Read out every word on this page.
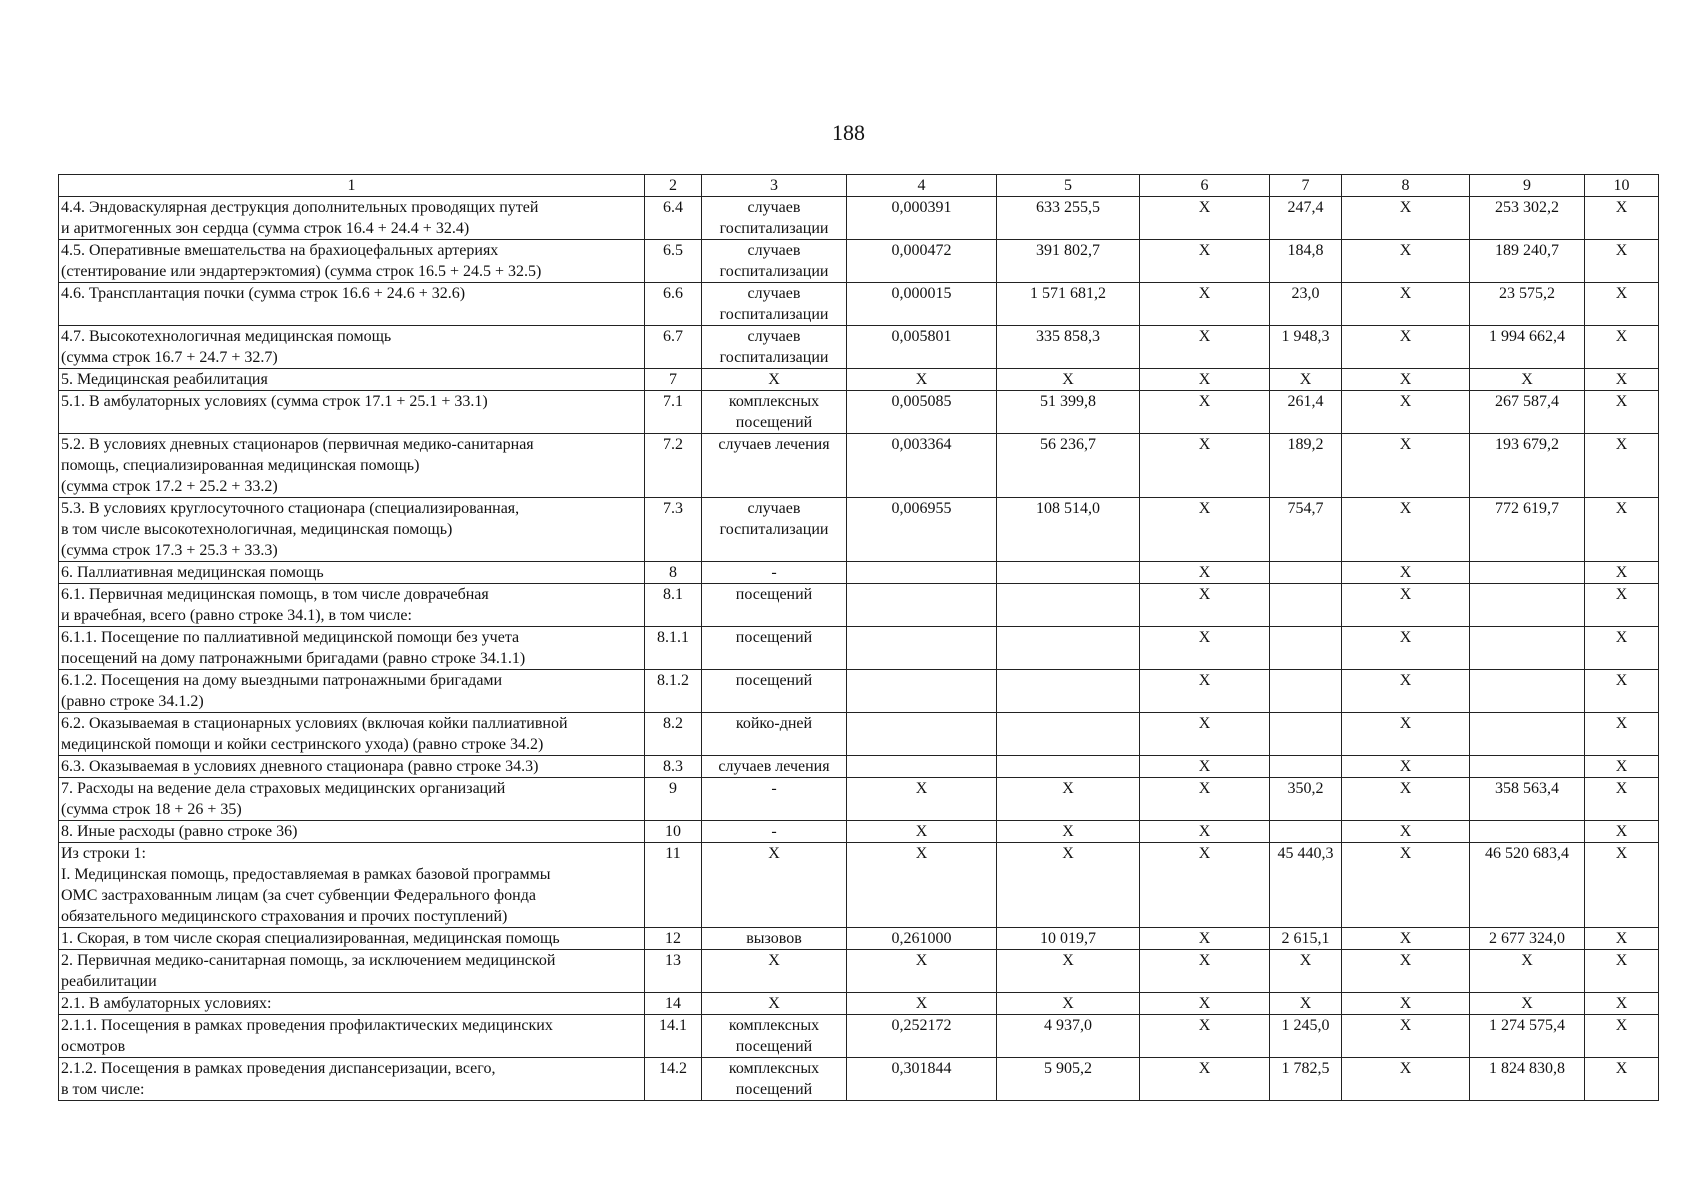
188
1	2	3	4	5	6	7	8	9	10
4.4. Эндоваскулярная деструкция дополнительных проводящих путей
и аритмогенных зон сердца (сумма строк 16.4 + 24.4 + 32.4)	6.4	случаев
госпитализации	0,000391	633 255,5	X	247,4	X	253 302,2	X
4.5. Оперативные вмешательства на брахиоцефальных артериях
(стентирование или эндартерэктомия) (сумма строк 16.5 + 24.5 + 32.5)	6.5	случаев
госпитализации	0,000472	391 802,7	X	184,8	X	189 240,7	X
4.6. Трансплантация почки (сумма строк 16.6 + 24.6 + 32.6)	6.6	случаев
госпитализации	0,000015	1 571 681,2	X	23,0	X	23 575,2	X
4.7. Высокотехнологичная медицинская помощь
(сумма строк 16.7 + 24.7 + 32.7)	6.7	случаев
госпитализации	0,005801	335 858,3	X	1 948,3	X	1 994 662,4	X
5. Медицинская реабилитация	7	X	X	X	X	X	X	X	X
5.1. В амбулаторных условиях (сумма строк 17.1 + 25.1 + 33.1)	7.1	комплексных
посещений	0,005085	51 399,8	X	261,4	X	267 587,4	X
5.2. В условиях дневных стационаров (первичная медико-санитарная
помощь, специализированная медицинская помощь)
(сумма строк 17.2 + 25.2 + 33.2)	7.2	случаев лечения	0,003364	56 236,7	X	189,2	X	193 679,2	X
5.3. В условиях круглосуточного стационара (специализированная,
в том числе высокотехнологичная, медицинская помощь)
(сумма строк 17.3 + 25.3 + 33.3)	7.3	случаев
госпитализации	0,006955	108 514,0	X	754,7	X	772 619,7	X
6. Паллиативная медицинская помощь	8	-			X		X		X
6.1. Первичная медицинская помощь, в том числе доврачебная
и врачебная, всего (равно строке 34.1), в том числе:	8.1	посещений			X		X		X
6.1.1. Посещение по паллиативной медицинской помощи без учета
посещений на дому патронажными бригадами (равно строке 34.1.1)	8.1.1	посещений			X		X		X
6.1.2. Посещения на дому выездными патронажными бригадами
(равно строке 34.1.2)	8.1.2	посещений			X		X		X
6.2. Оказываемая в стационарных условиях (включая койки паллиативной
медицинской помощи и койки сестринского ухода) (равно строке 34.2)	8.2	койко-дней			X		X		X
6.3. Оказываемая в условиях дневного стационара (равно строке 34.3)	8.3	случаев лечения			X		X		X
7. Расходы на ведение дела страховых медицинских организаций
(сумма строк 18 + 26 + 35)	9	-	X	X	X	350,2	X	358 563,4	X
8. Иные расходы (равно строке 36)	10	-	X	X	X		X		X
Из строки 1:
I. Медицинская помощь, предоставляемая в рамках базовой программы
ОМС застрахованным лицам (за счет субвенции Федерального фонда
обязательного медицинского страхования и прочих поступлений)	11	X	X	X	X	45 440,3	X	46 520 683,4	X
1. Скорая, в том числе скорая специализированная, медицинская помощь	12	вызовов	0,261000	10 019,7	X	2 615,1	X	2 677 324,0	X
2. Первичная медико-санитарная помощь, за исключением медицинской
реабилитации	13	X	X	X	X	X	X	X	X
2.1. В амбулаторных условиях:	14	X	X	X	X	X	X	X	X
2.1.1. Посещения в рамках проведения профилактических медицинских
осмотров	14.1	комплексных
посещений	0,252172	4 937,0	X	1 245,0	X	1 274 575,4	X
2.1.2. Посещения в рамках проведения диспансеризации, всего,
в том числе:	14.2	комплексных
посещений	0,301844	5 905,2	X	1 782,5	X	1 824 830,8	X
